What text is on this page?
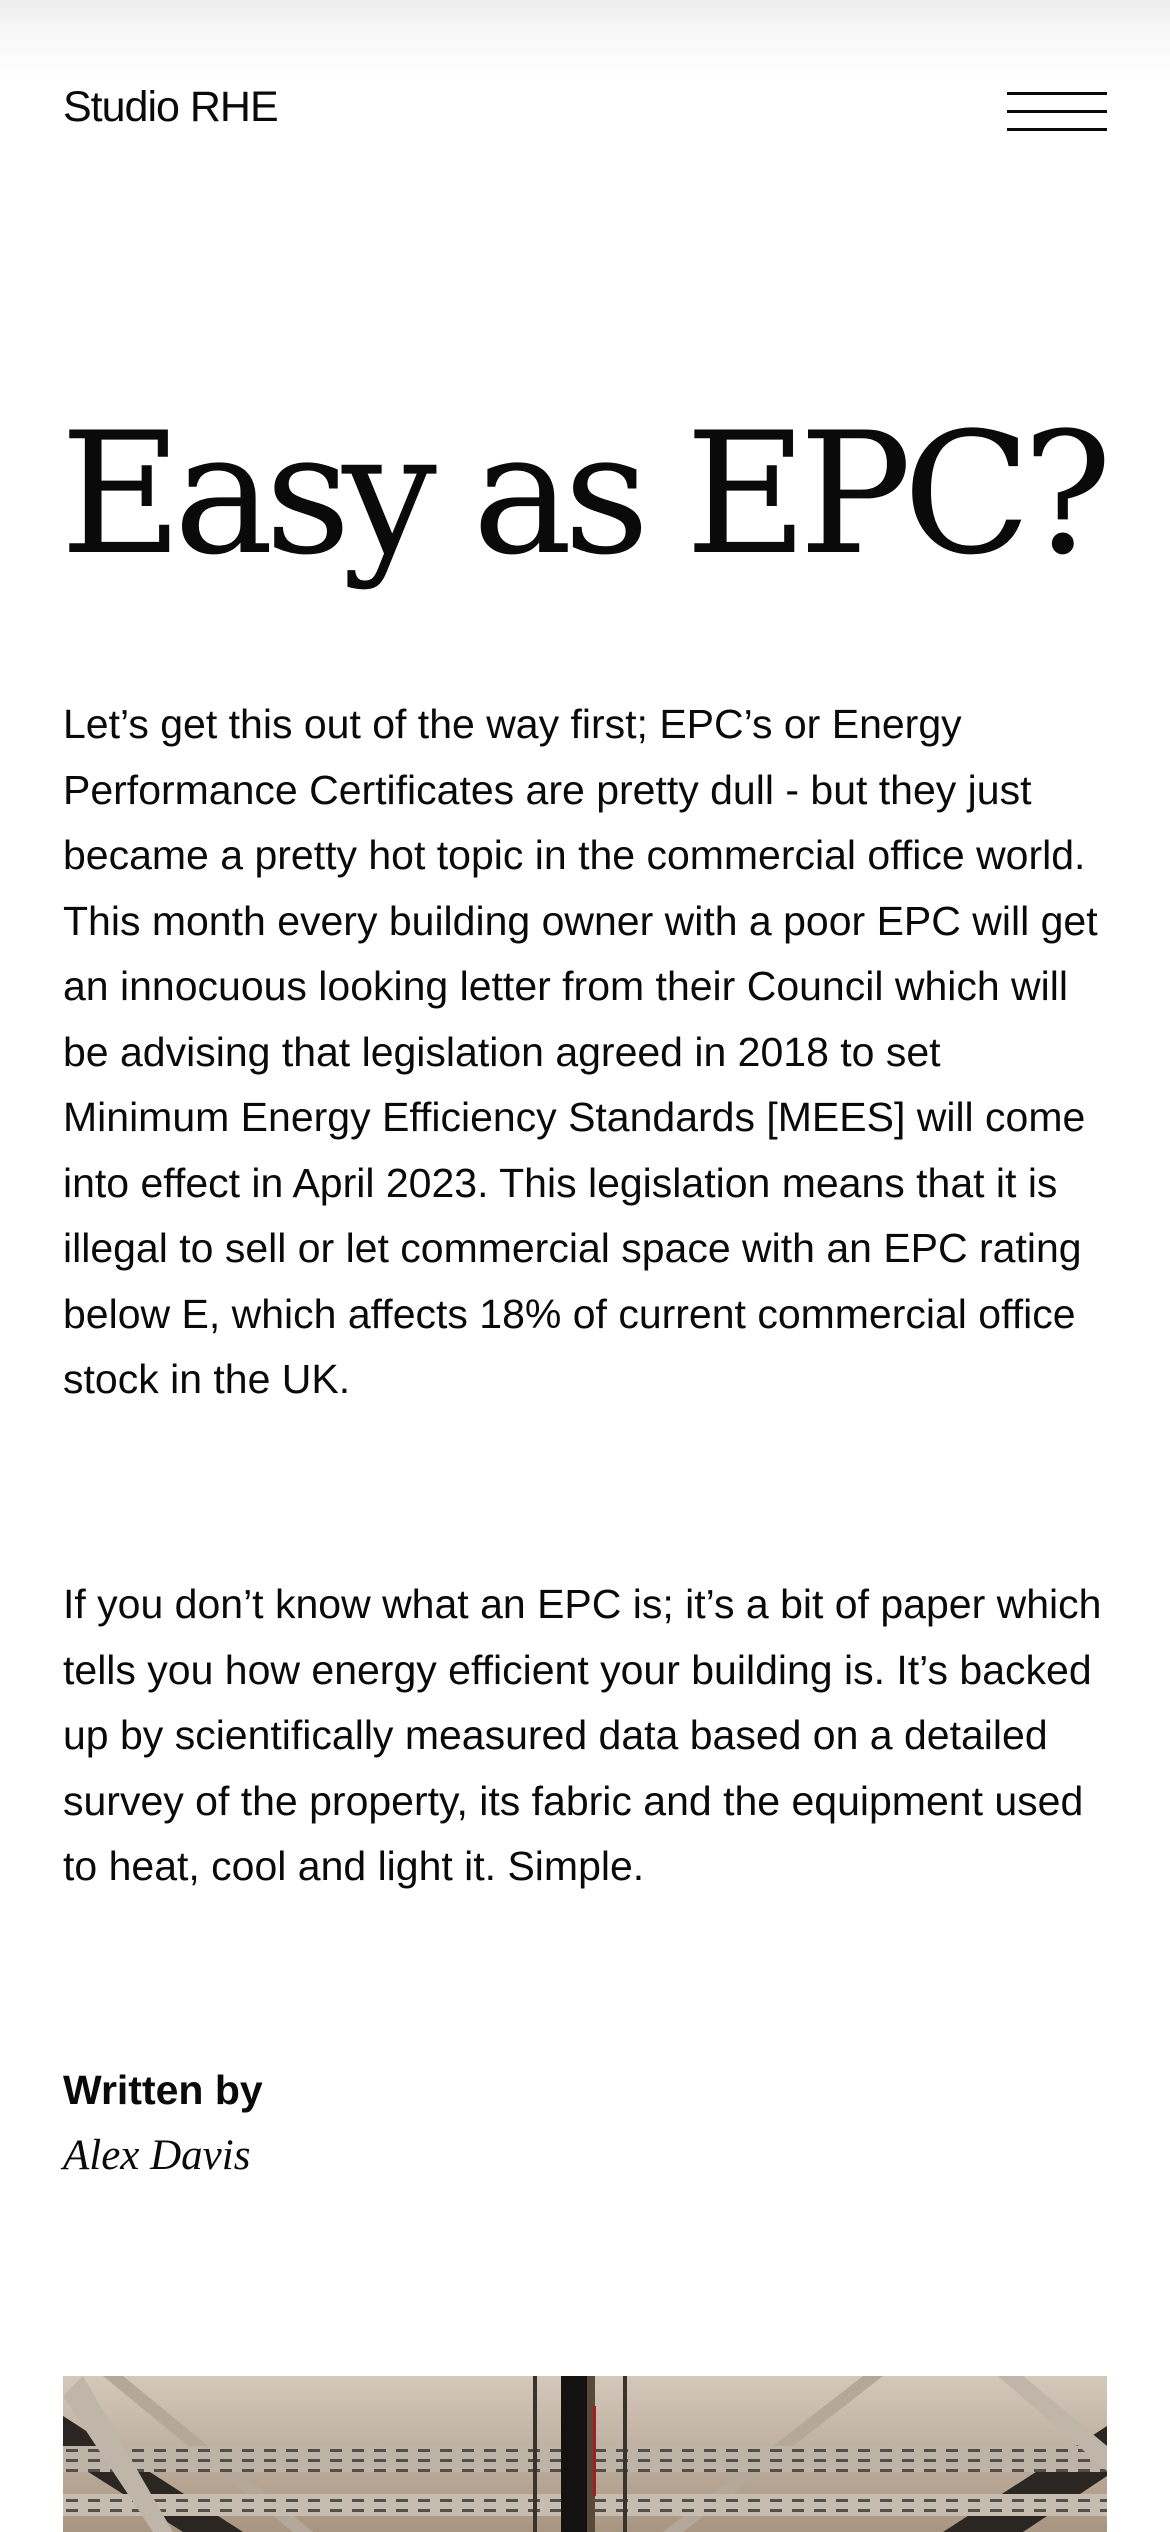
Studio RHE
Easy as EPC?

Let’s get this out of the way first; EPC’s or Energy Performance Certificates are pretty dull - but they just became a pretty hot topic in the commercial office world. This month every building owner with a poor EPC will get an innocuous looking letter from their Council which will be advising that legislation agreed in 2018 to set Minimum Energy Efficiency Standards [MEES] will come into effect in April 2023. This legislation means that it is illegal to sell or let commercial space with an EPC rating below E, which affects 18% of current commercial office stock in the UK.

If you don’t know what an EPC is; it’s a bit of paper which tells you how energy efficient your building is. It’s backed up by scientifically measured data based on a detailed survey of the property, its fabric and the equipment used to heat, cool and light it. Simple.

Written by
Alex Davis
